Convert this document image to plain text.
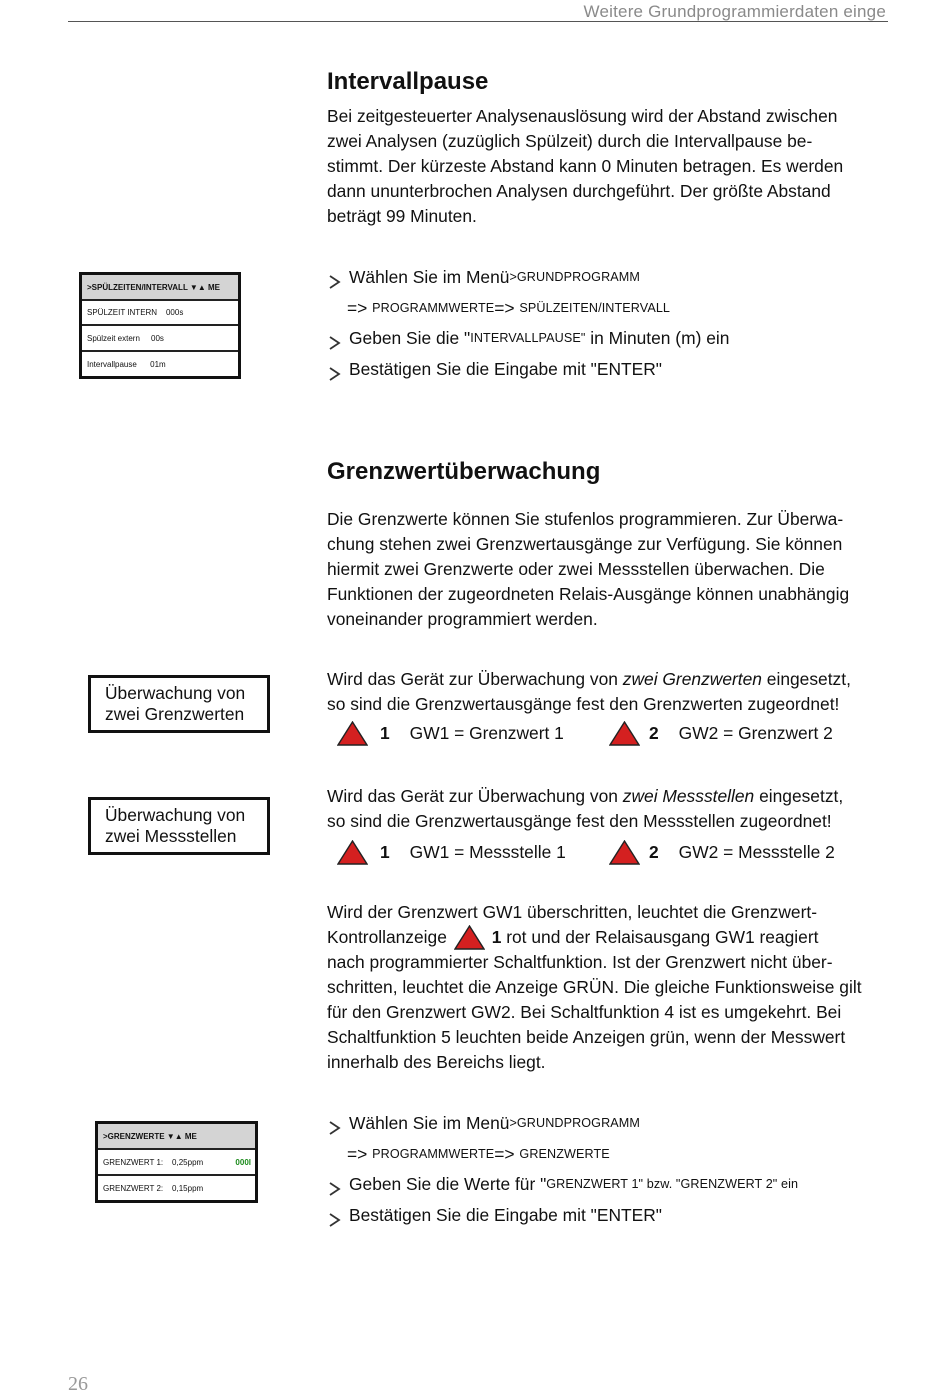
Weitere Grundprogrammierdaten einge
Intervallpause
Bei zeitgesteuerter Analysenauslösung wird der Abstand zwischen
zwei Analysen (zuzüglich Spülzeit) durch die Intervallpause be-
stimmt. Der kürzeste Abstand kann 0 Minuten betragen. Es werden
dann ununterbrochen Analysen durchgeführt. Der größte Abstand
beträgt 99 Minuten.
>SPÜLZEITEN/INTERVALL ▼▲ ME
SPÜLZEIT INTERN    000s
Spülzeit extern     00s
Intervallpause      01m
Wählen Sie im Menü >GRUNDPROGRAMM
=> PROGRAMMWERTE => SPÜLZEITEN/INTERVALL
Geben Sie die " INTERVALLPAUSE" in Minuten (m) ein
Bestätigen Sie die Eingabe mit "ENTER"
Grenzwertüberwachung
Die Grenzwerte können Sie stufenlos programmieren. Zur Überwa-
chung stehen zwei Grenzwertausgänge zur Verfügung. Sie können
hiermit zwei Grenzwerte oder zwei Messstellen überwachen. Die
Funktionen der zugeordneten Relais-Ausgänge können unabhängig
voneinander programmiert werden.
Überwachung von
zwei Grenzwerten
Wird das Gerät zur Überwachung von zwei Grenzwerten eingesetzt,
so sind die Grenzwertausgänge fest den Grenzwerten zugeordnet!
1 GW1 = Grenzwert 1	2 GW2 = Grenzwert 2
Überwachung von
zwei Messstellen
Wird das Gerät zur Überwachung von zwei Messstellen eingesetzt,
so sind die Grenzwertausgänge fest den Messstellen zugeordnet!
1 GW1 = Messstelle 1	2 GW2 = Messstelle 2
Wird der Grenzwert GW1 überschritten, leuchtet die Grenzwert-
Kontrollanzeige 1 rot und der Relaisausgang GW1 reagiert
nach programmierter Schaltfunktion. Ist der Grenzwert nicht über-
schritten, leuchtet die Anzeige GRÜN. Die gleiche Funktionsweise gilt
für den Grenzwert GW2. Bei Schaltfunktion 4 ist es umgekehrt. Bei
Schaltfunktion 5 leuchten beide Anzeigen grün, wenn der Messwert
innerhalb des Bereichs liegt.
>GRENZWERTE ▼▲ ME
GRENZWERT 1:    0,25ppm	000l
GRENZWERT 2:    0,15ppm
Wählen Sie im Menü >GRUNDPROGRAMM
=> PROGRAMMWERTE => GRENZWERTE
Geben Sie die Werte für " GRENZWERT 1" bzw. " GRENZWERT 2" ein
Bestätigen Sie die Eingabe mit "ENTER"
26
